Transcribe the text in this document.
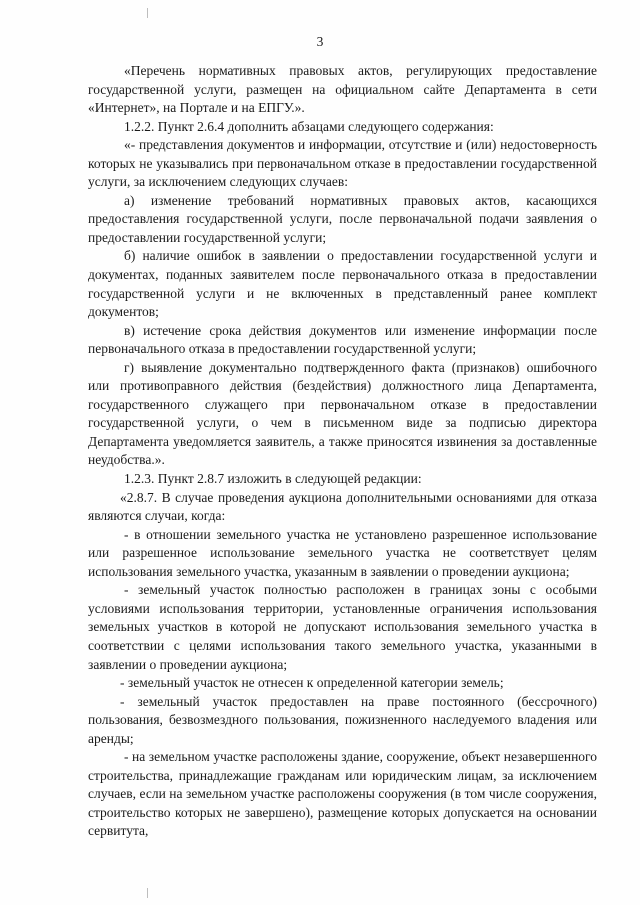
3

«Перечень нормативных правовых актов, регулирующих предоставление государственной услуги, размещен на официальном сайте Департамента в сети «Интернет», на Портале и на ЕПГУ.».

1.2.2. Пункт 2.6.4 дополнить абзацами следующего содержания:

«- представления документов и информации, отсутствие и (или) недостоверность которых не указывались при первоначальном отказе в предоставлении государственной услуги, за исключением следующих случаев:

а) изменение требований нормативных правовых актов, касающихся предоставления государственной услуги, после первоначальной подачи заявления о предоставлении государственной услуги;

б) наличие ошибок в заявлении о предоставлении государственной услуги и документах, поданных заявителем после первоначального отказа в предоставлении государственной услуги и не включенных в представленный ранее комплект документов;

в) истечение срока действия документов или изменение информации после первоначального отказа в предоставлении государственной услуги;

г) выявление документально подтвержденного факта (признаков) ошибочного или противоправного действия (бездействия) должностного лица Департамента, государственного служащего при первоначальном отказе в предоставлении государственной услуги, о чем в письменном виде за подписью директора Департамента уведомляется заявитель, а также приносятся извинения за доставленные неудобства.».

1.2.3. Пункт 2.8.7 изложить в следующей редакции:

«2.8.7. В случае проведения аукциона дополнительными основаниями для отказа являются случаи, когда:

- в отношении земельного участка не установлено разрешенное использование или разрешенное использование земельного участка не соответствует целям использования земельного участка, указанным в заявлении о проведении аукциона;

- земельный участок полностью расположен в границах зоны с особыми условиями использования территории, установленные ограничения использования земельных участков в которой не допускают использования земельного участка в соответствии с целями использования такого земельного участка, указанными в заявлении о проведении аукциона;

- земельный участок не отнесен к определенной категории земель;

- земельный участок предоставлен на праве постоянного (бессрочного) пользования, безвозмездного пользования, пожизненного наследуемого владения или аренды;

- на земельном участке расположены здание, сооружение, объект незавершенного строительства, принадлежащие гражданам или юридическим лицам, за исключением случаев, если на земельном участке расположены сооружения (в том числе сооружения, строительство которых не завершено), размещение которых допускается на основании сервитута,
